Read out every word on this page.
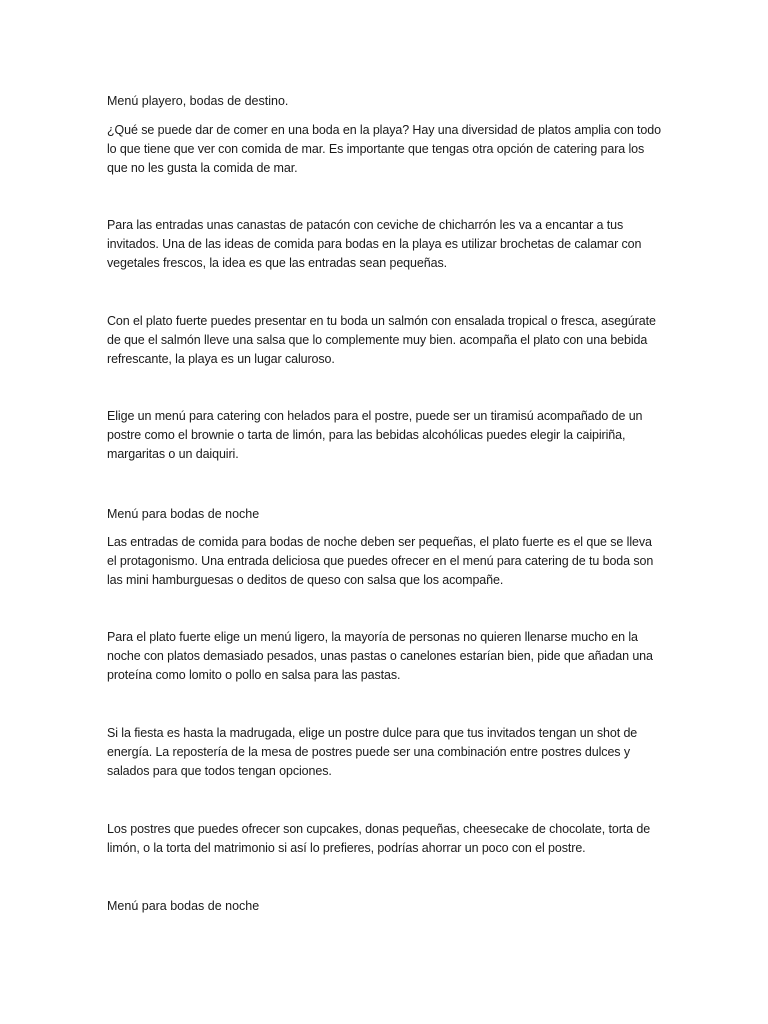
Menú playero, bodas de destino.

¿Qué se puede dar de comer en una boda en la playa? Hay una diversidad de platos amplia con todo lo que tiene que ver con comida de mar. Es importante que tengas otra opción de catering para los que no les gusta la comida de mar.

Para las entradas unas canastas de patacón con ceviche de chicharrón les va a encantar a tus invitados. Una de las ideas de comida para bodas en la playa es utilizar brochetas de calamar con vegetales frescos, la idea es que las entradas sean pequeñas.

Con el plato fuerte puedes presentar en tu boda un salmón con ensalada tropical o fresca, asegúrate de que el salmón lleve una salsa que lo complemente muy bien. acompaña el plato con una bebida refrescante, la playa es un lugar caluroso.

Elige un menú para catering con helados para el postre, puede ser un tiramisú acompañado de un postre como el brownie o tarta de limón, para las bebidas alcohólicas puedes elegir la caipiriña, margaritas o un daiquiri.

Menú para bodas de noche

Las entradas de comida para bodas de noche deben ser pequeñas, el plato fuerte es el que se lleva el protagonismo. Una entrada deliciosa que puedes ofrecer en el menú para catering de tu boda son las mini hamburguesas o deditos de queso con salsa que los acompañe.

Para el plato fuerte elige un menú ligero, la mayoría de personas no quieren llenarse mucho en la noche con platos demasiado pesados, unas pastas o canelones estarían bien, pide que añadan una proteína como lomito o pollo en salsa para las pastas.

Si la fiesta es hasta la madrugada, elige un postre dulce para que tus invitados tengan un shot de energía. La repostería de la mesa de postres puede ser una combinación entre postres dulces y salados para que todos tengan opciones.

Los postres que puedes ofrecer son cupcakes, donas pequeñas, cheesecake de chocolate, torta de limón, o la torta del matrimonio si así lo prefieres, podrías ahorrar un poco con el postre.

Menú para bodas de noche
